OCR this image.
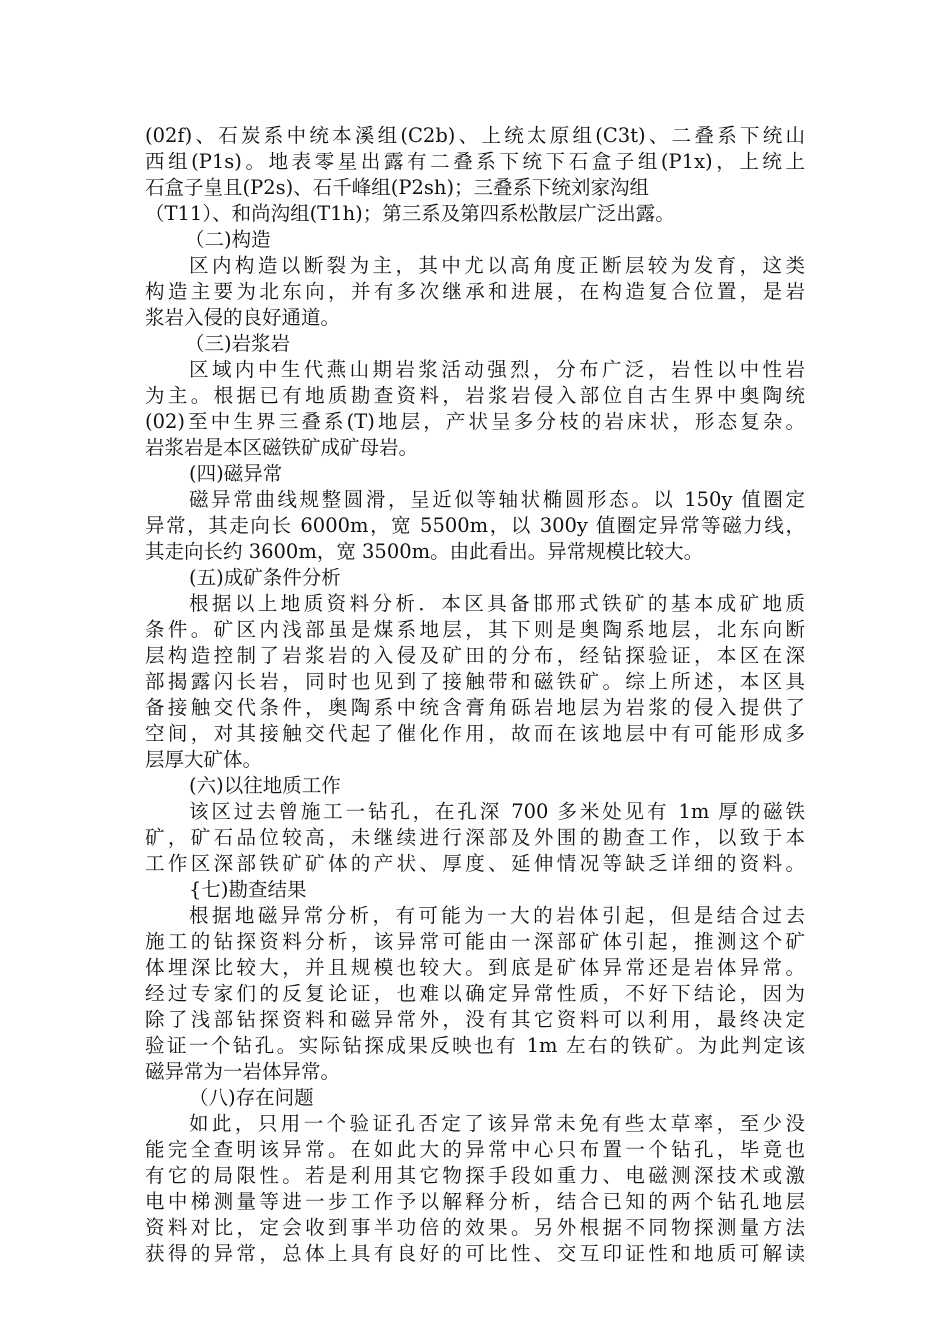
(02f)、石炭系中统本溪组(C2b)、上统太原组(C3t)、二叠系下统山
西组(P1s)。地表零星出露有二叠系下统下石盒子组(P1x)，上统上
石盒子皇且(P2s)、石千峰组(P2sh)；三叠系下统刘家沟组
（T11）、和尚沟组(T1h)；第三系及第四系松散层广泛出露。
（二)构造
区内构造以断裂为主，其中尤以高角度正断层较为发育，这类
构造主要为北东向，并有多次继承和进展，在构造复合位置，是岩
浆岩入侵的良好通道。
（三)岩浆岩
区域内中生代燕山期岩浆活动强烈，分布广泛，岩性以中性岩
为主。根据已有地质勘查资料，岩浆岩侵入部位自古生界中奥陶统
(02)至中生界三叠系(T)地层，产状呈多分枝的岩床状，形态复杂。
岩浆岩是本区磁铁矿成矿母岩。
(四)磁异常
磁异常曲线规整圆滑，呈近似等轴状椭圆形态。以 150y 值圈定
异常，其走向长 6000m，宽 5500m，以 300y 值圈定异常等磁力线，
其走向长约 3600m，宽 3500m。由此看出。异常规模比较大。
(五)成矿条件分析
根据以上地质资料分析．本区具备邯邢式铁矿的基本成矿地质
条件。矿区内浅部虽是煤系地层，其下则是奥陶系地层，北东向断
层构造控制了岩浆岩的入侵及矿田的分布，经钻探验证，本区在深
部揭露闪长岩，同时也见到了接触带和磁铁矿。综上所述，本区具
备接触交代条件，奥陶系中统含膏角砾岩地层为岩浆的侵入提供了
空间，对其接触交代起了催化作用，故而在该地层中有可能形成多
层厚大矿体。
(六)以往地质工作
该区过去曾施工一钻孔，在孔深 700 多米处见有 1m 厚的磁铁
矿，矿石品位较高，未继续进行深部及外围的勘查工作，以致于本
工作区深部铁矿矿体的产状、厚度、延伸情况等缺乏详细的资料。
{七)勘查结果
根据地磁异常分析，有可能为一大的岩体引起，但是结合过去
施工的钻探资料分析，该异常可能由一深部矿体引起，推测这个矿
体埋深比较大，并且规模也较大。到底是矿体异常还是岩体异常。
经过专家们的反复论证，也难以确定异常性质，不好下结论，因为
除了浅部钻探资料和磁异常外，没有其它资料可以利用，最终决定
验证一个钻孔。实际钻探成果反映也有 1m 左右的铁矿。为此判定该
磁异常为一岩体异常。
（八)存在问题
如此，只用一个验证孔否定了该异常未免有些太草率，至少没
能完全查明该异常。在如此大的异常中心只布置一个钻孔，毕竟也
有它的局限性。若是利用其它物探手段如重力、电磁测深技术或激
电中梯测量等进一步工作予以解释分析，结合已知的两个钻孔地层
资料对比，定会收到事半功倍的效果。另外根据不同物探测量方法
获得的异常，总体上具有良好的可比性、交互印证性和地质可解读
